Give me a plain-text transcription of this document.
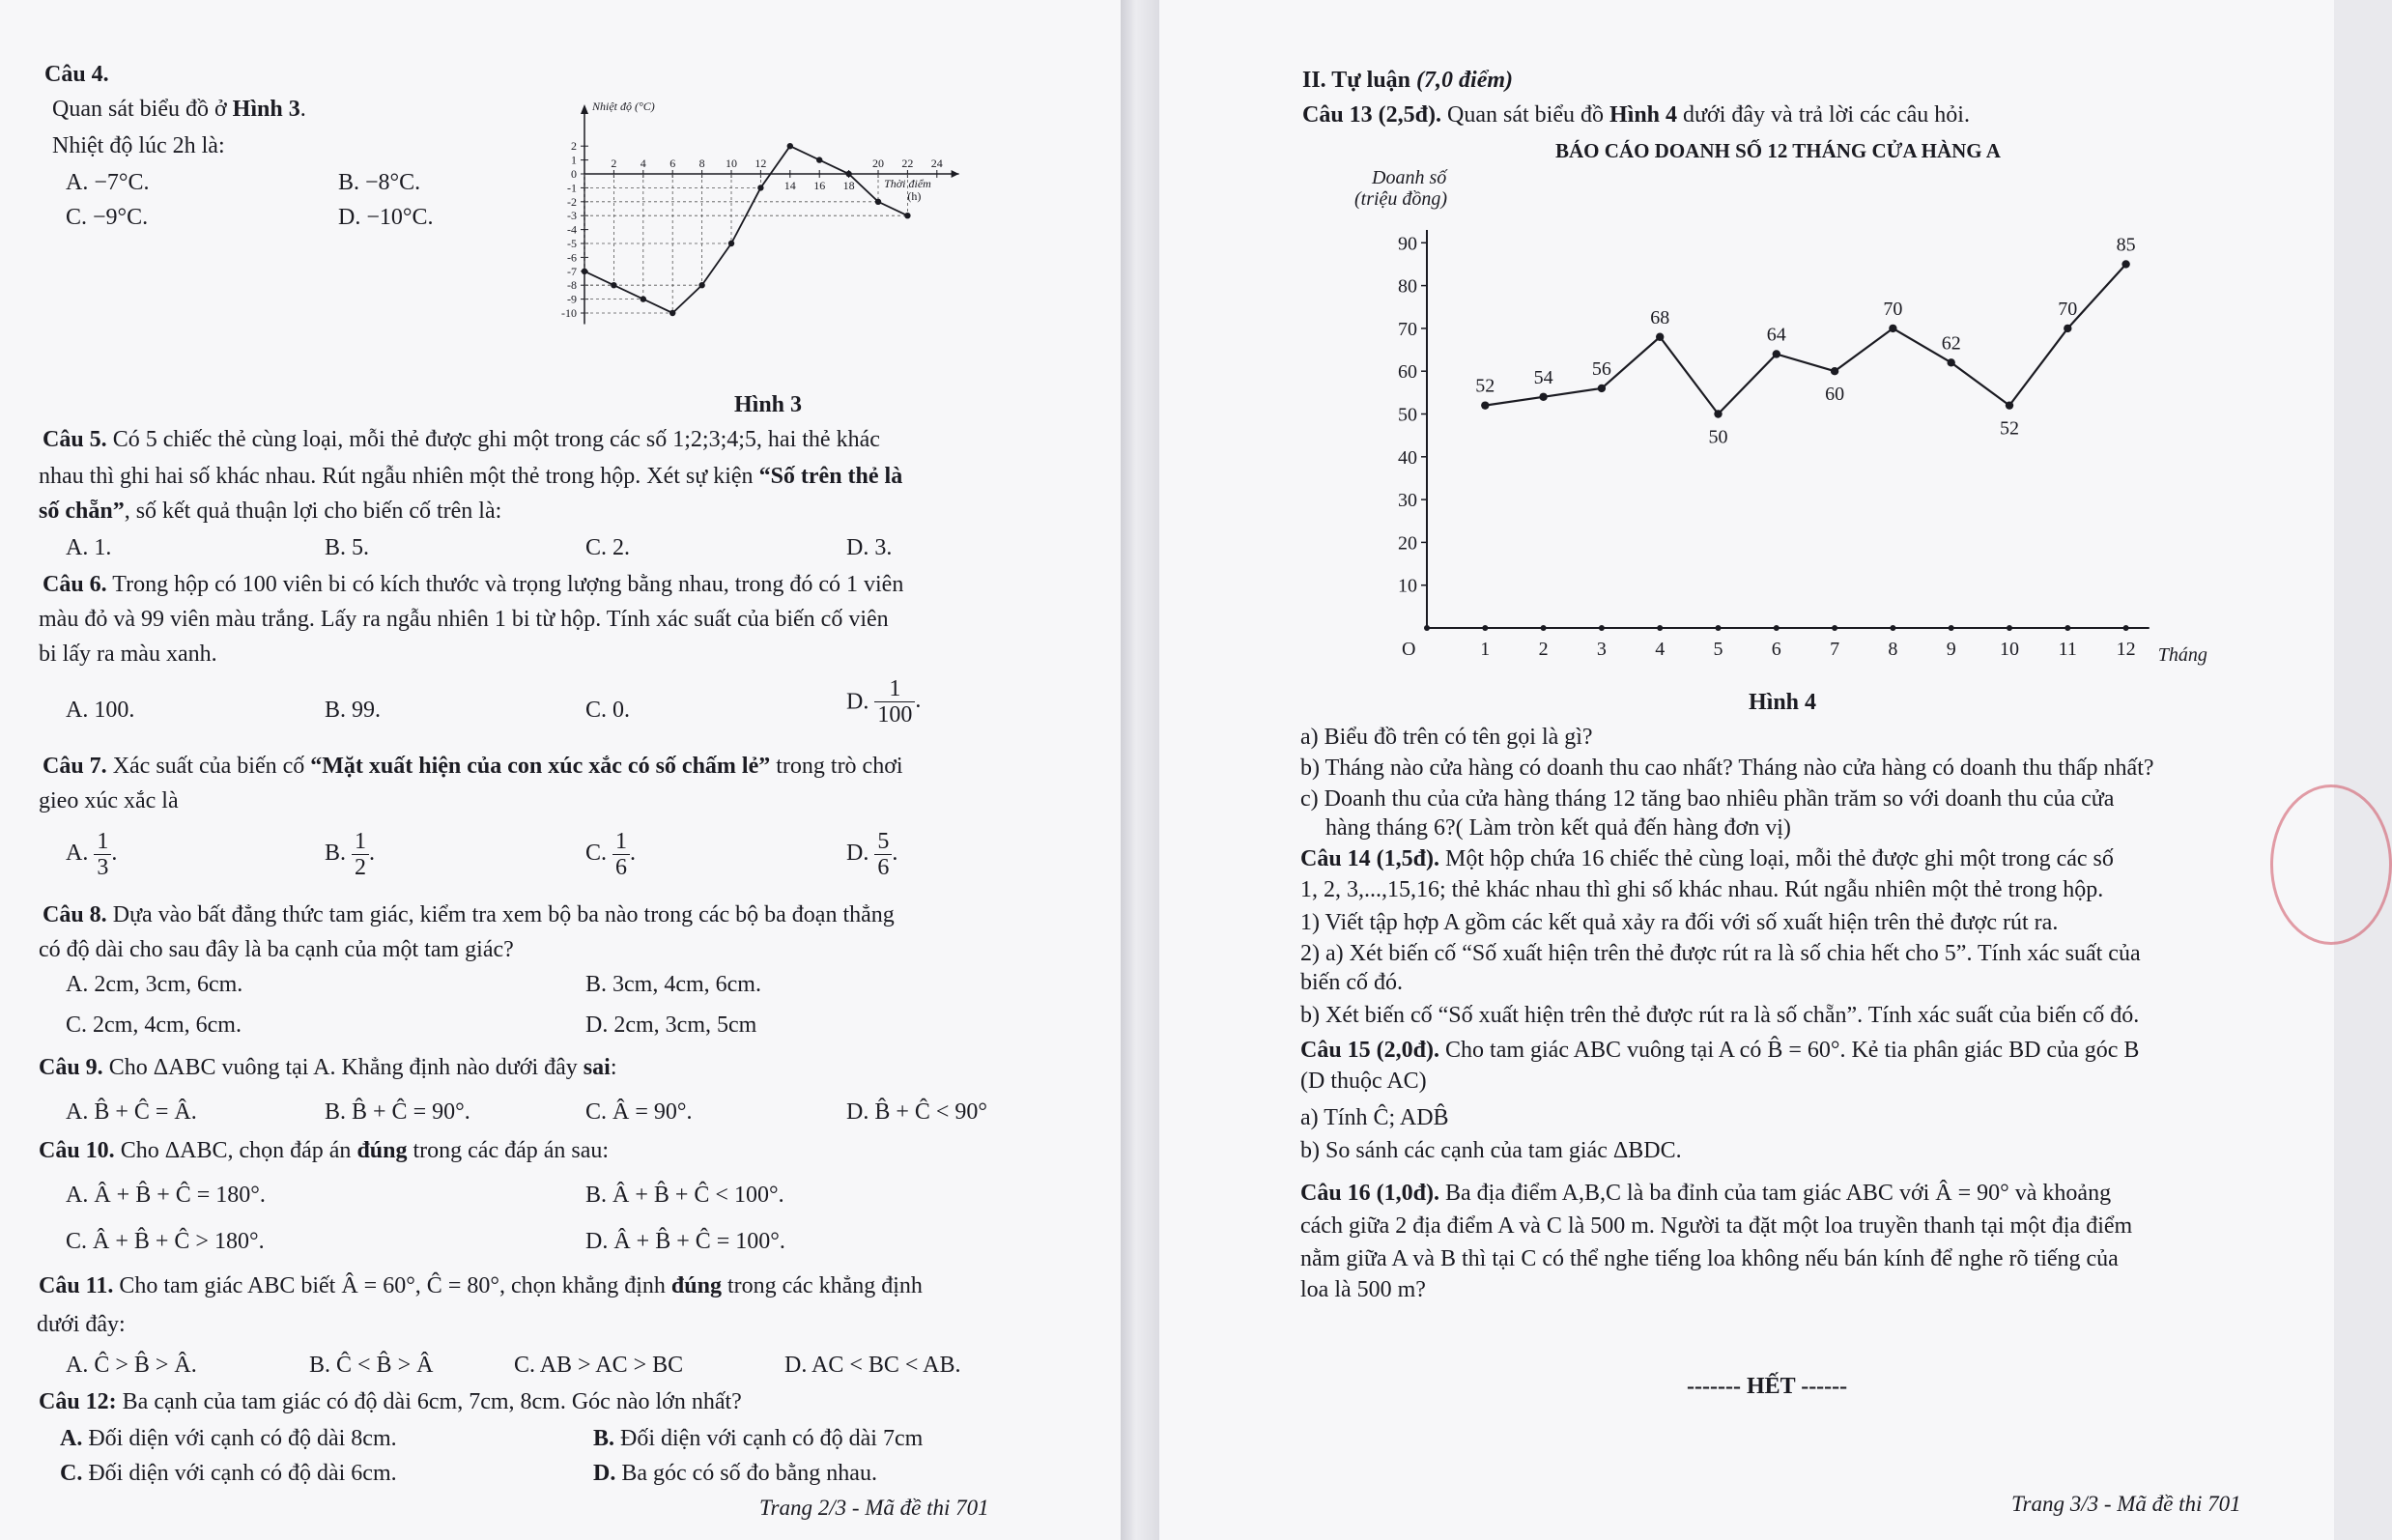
Câu 4.
Quan sát biểu đồ ở Hình 3.
Nhiệt độ lúc 2h là:
A. −7°C.	B. −8°C.
C. −9°C.	D. −10°C.
Nhiệt độ (°C)
Thời điểm
(h)
2
1
0
-1
-2
-3
-4
-5
-6
-7
-8
-9
-10
2 4 6 8 10 12
14 16 18
20 22 24
Hình 3
Câu 5. Có 5 chiếc thẻ cùng loại, mỗi thẻ được ghi một trong các số 1;2;3;4;5, hai thẻ khác
nhau thì ghi hai số khác nhau. Rút ngẫu nhiên một thẻ trong hộp. Xét sự kiện “Số trên thẻ là
số chẵn”, số kết quả thuận lợi cho biến cố trên là:
A. 1.	B. 5.	C. 2.	D. 3.
Câu 6. Trong hộp có 100 viên bi có kích thước và trọng lượng bằng nhau, trong đó có 1 viên
màu đỏ và 99 viên màu trắng. Lấy ra ngẫu nhiên 1 bi từ hộp. Tính xác suất của biến cố viên
bi lấy ra màu xanh.
A. 100.	B. 99.	C. 0.	D. $\frac{1}{100}$ .
Câu 7. Xác suất của biến cố “Mặt xuất hiện của con xúc xắc có số chấm lẻ” trong trò chơi
gieo xúc xắc là
A. $\frac{1}{3}$ .	B. $\frac{1}{2}$ .	C. $\frac{1}{6}$ .	D. $\frac{5}{6}$ .
Câu 8. Dựa vào bất đẳng thức tam giác, kiểm tra xem bộ ba nào trong các bộ ba đoạn thẳng
có độ dài cho sau đây là ba cạnh của một tam giác?
A. 2cm, 3cm, 6cm.	B. 3cm, 4cm, 6cm.
C. 2cm, 4cm, 6cm.	D. 2cm, 3cm, 5cm
Câu 9. Cho ΔABC vuông tại A. Khẳng định nào dưới đây sai:
A. B̂ + Ĉ = Â.	B. B̂ + Ĉ = 90°.	C. Â = 90°.	D. B̂ + Ĉ < 90°
Câu 10. Cho ΔABC, chọn đáp án đúng trong các đáp án sau:
A. Â + B̂ + Ĉ = 180°.	B. Â + B̂ + Ĉ < 100°.
C. Â + B̂ + Ĉ > 180°.	D. Â + B̂ + Ĉ = 100°.
Câu 11. Cho tam giác ABC biết Â = 60°, Ĉ = 80°, chọn khẳng định đúng trong các khẳng định
dưới đây:
A. Ĉ > B̂ > Â.	B. Ĉ < B̂ > Â	C. AB > AC > BC	D. AC < BC < AB.
Câu 12: Ba cạnh của tam giác có độ dài 6cm, 7cm, 8cm. Góc nào lớn nhất?
A. Đối diện với cạnh có độ dài 8cm.	B. Đối diện với cạnh có độ dài 7cm
C. Đối diện với cạnh có độ dài 6cm.	D. Ba góc có số đo bằng nhau.
Trang 2/3 - Mã đề thi 701
II. Tự luận (7,0 điểm)
Câu 13 (2,5đ). Quan sát biểu đồ Hình 4 dưới đây và trả lời các câu hỏi.
BÁO CÁO DOANH SỐ 12 THÁNG CỬA HÀNG A
Doanh số
(triệu đồng)
O
10
20
30
40
50
60
70
80
90
1	2	3	4	5	6	7	8	9 10 11 12 Tháng
52 54 56
68
50
64
60
70
62
52
70
85
Hình 4
a) Biểu đồ trên có tên gọi là gì?
b) Tháng nào cửa hàng có doanh thu cao nhất? Tháng nào cửa hàng có doanh thu thấp nhất?
c) Doanh thu của cửa hàng tháng 12 tăng bao nhiêu phần trăm so với doanh thu của cửa
hàng tháng 6?( Làm tròn kết quả đến hàng đơn vị)
Câu 14 (1,5đ). Một hộp chứa 16 chiếc thẻ cùng loại, mỗi thẻ được ghi một trong các số
1, 2, 3,...,15,16; thẻ khác nhau thì ghi số khác nhau. Rút ngẫu nhiên một thẻ trong hộp.
1) Viết tập hợp A gồm các kết quả xảy ra đối với số xuất hiện trên thẻ được rút ra.
2) a) Xét biến cố “Số xuất hiện trên thẻ được rút ra là số chia hết cho 5”. Tính xác suất của
biến cố đó.
b) Xét biến cố “Số xuất hiện trên thẻ được rút ra là số chẵn”. Tính xác suất của biến cố đó.
Câu 15 (2,0đ). Cho tam giác ABC vuông tại A có B̂ = 60°. Kẻ tia phân giác BD của góc B
(D thuộc AC)
a) Tính Ĉ; ADB̂
b) So sánh các cạnh của tam giác ΔBDC.
Câu 16 (1,0đ). Ba địa điểm A,B,C là ba đỉnh của tam giác ABC với Â = 90° và khoảng
cách giữa 2 địa điểm A và C là 500 m. Người ta đặt một loa truyền thanh tại một địa điểm
nằm giữa A và B thì tại C có thể nghe tiếng loa không nếu bán kính để nghe rõ tiếng của
loa là 500 m?
------- HẾT ------
Trang 3/3 - Mã đề thi 701
